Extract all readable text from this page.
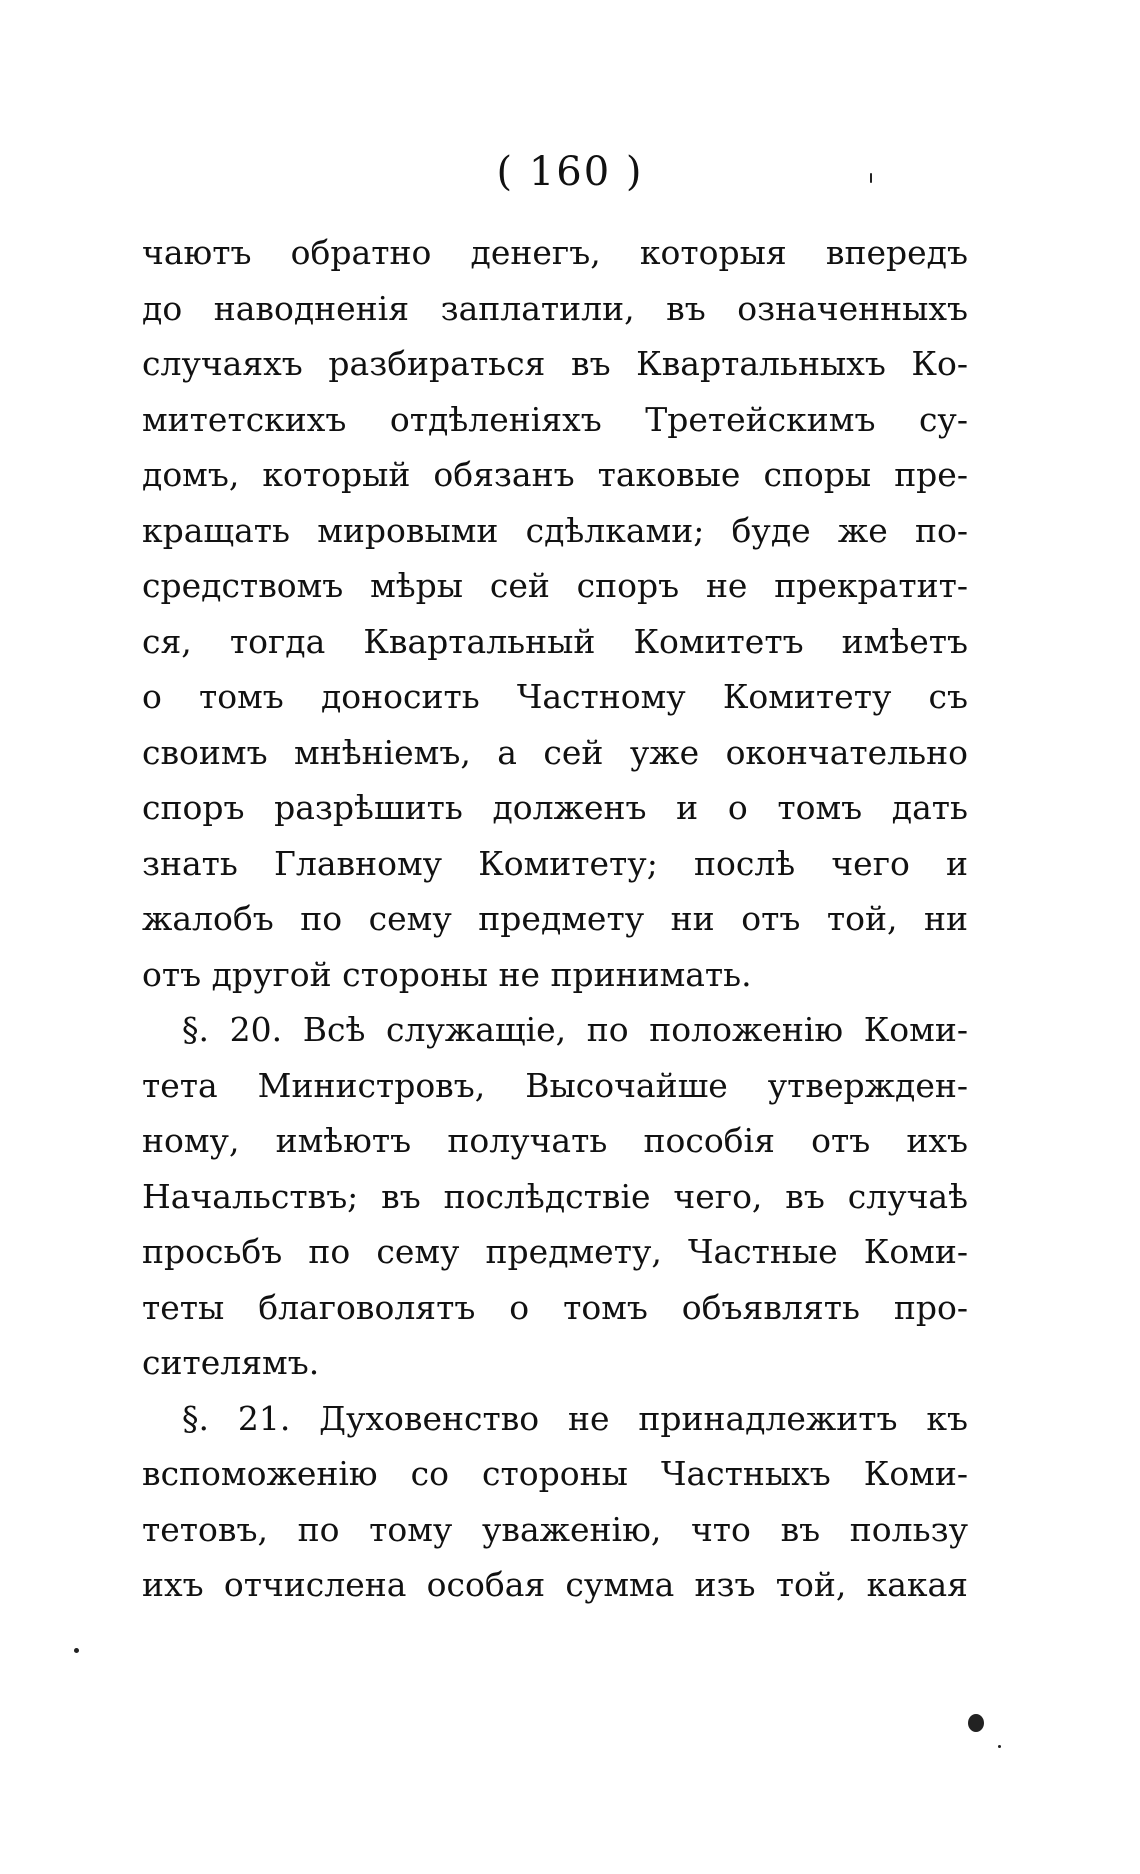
( 160 )
чаютъ обратно денегъ, которыя впередъ
до наводненія заплатили, въ означенныхъ
случаяхъ разбираться въ Квартальныхъ Ко-
митетскихъ отдѣленіяхъ Третейскимъ су-
домъ, который обязанъ таковые споры пре-
кращать мировыми сдѣлками; буде же по-
средствомъ мѣры сей споръ не прекратит-
ся, тогда Квартальный Комитетъ имѣетъ
о томъ доносить Частному Комитету съ
своимъ мнѣніемъ, а сей уже окончательно
споръ разрѣшить долженъ и о томъ дать
знать Главному Комитету; послѣ чего и
жалобъ по сему предмету ни отъ той, ни
отъ другой стороны не принимать.
§. 20. Всѣ служащіе, по положенію Коми-
тета Министровъ, Высочайше утвержден-
ному, имѣютъ получать пособія отъ ихъ
Начальствъ; въ послѣдствіе чего, въ случаѣ
просьбъ по сему предмету, Частные Коми-
теты благоволятъ о томъ объявлять про-
сителямъ.
§. 21. Духовенство не принадлежитъ къ
вспоможенію со стороны Частныхъ Коми-
тетовъ, по тому уваженію, что въ пользу
ихъ отчислена особая сумма изъ той, какая
